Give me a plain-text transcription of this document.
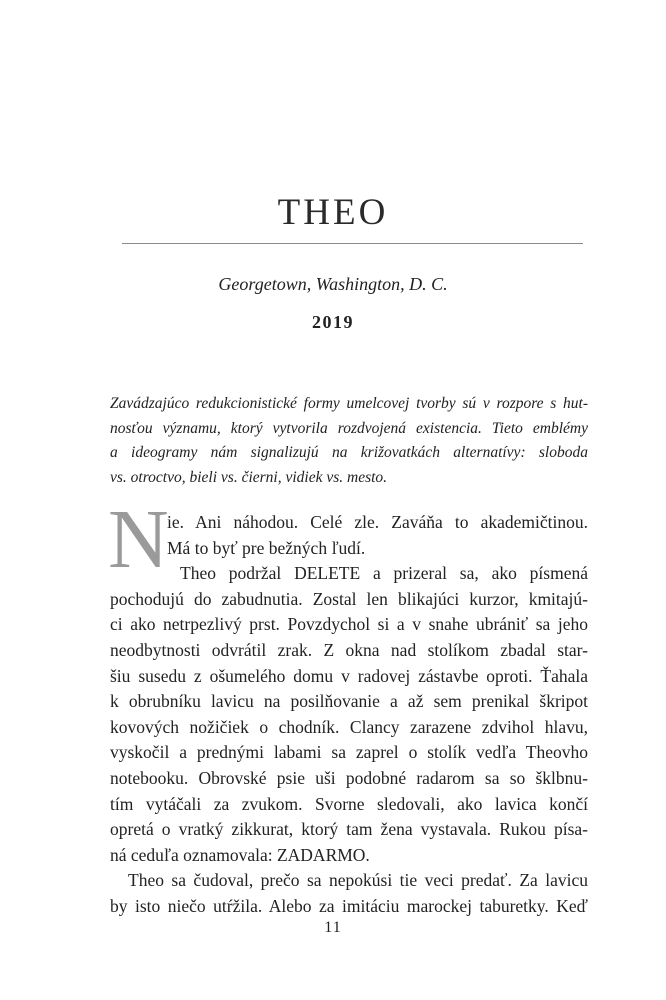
THEO
Georgetown, Washington, D. C.
2019
Zavádzajúco redukcionistické formy umelcovej tvorby sú v rozpore s hut-
nosťou významu, ktorý vytvorila rozdvojená existencia. Tieto emblémy
a ideogramy nám signalizujú na križovatkách alternatívy: sloboda
vs. otroctvo, bieli vs. čierni, vidiek vs. mesto.
N
ie. Ani náhodou. Celé zle. Zaváňa to akademičtinou.
Má to byť pre bežných ľudí.
Theo podržal DELETE a prizeral sa, ako písmená
pochodujú do zabudnutia. Zostal len blikajúci kurzor, kmitajú-
ci ako netrpezlivý prst. Povzdychol si a v snahe ubrániť sa jeho
neodbytnosti odvrátil zrak. Z okna nad stolíkom zbadal star-
šiu susedu z ošumelého domu v radovej zástavbe oproti. Ťahala
k obrubníku lavicu na posilňovanie a až sem prenikal škripot
kovových nožičiek o chodník. Clancy zarazene zdvihol hlavu,
vyskočil a prednými labami sa zaprel o stolík vedľa Theovho
notebooku. Obrovské psie uši podobné radarom sa so šklbnu-
tím vytáčali za zvukom. Svorne sledovali, ako lavica končí
opretá o vratký zikkurat, ktorý tam žena vystavala. Rukou písa-
ná ceduľa oznamovala: ZADARMO.
Theo sa čudoval, prečo sa nepokúsi tie veci predať. Za lavicu
by isto niečo utŕžila. Alebo za imitáciu marockej taburetky. Keď
11
